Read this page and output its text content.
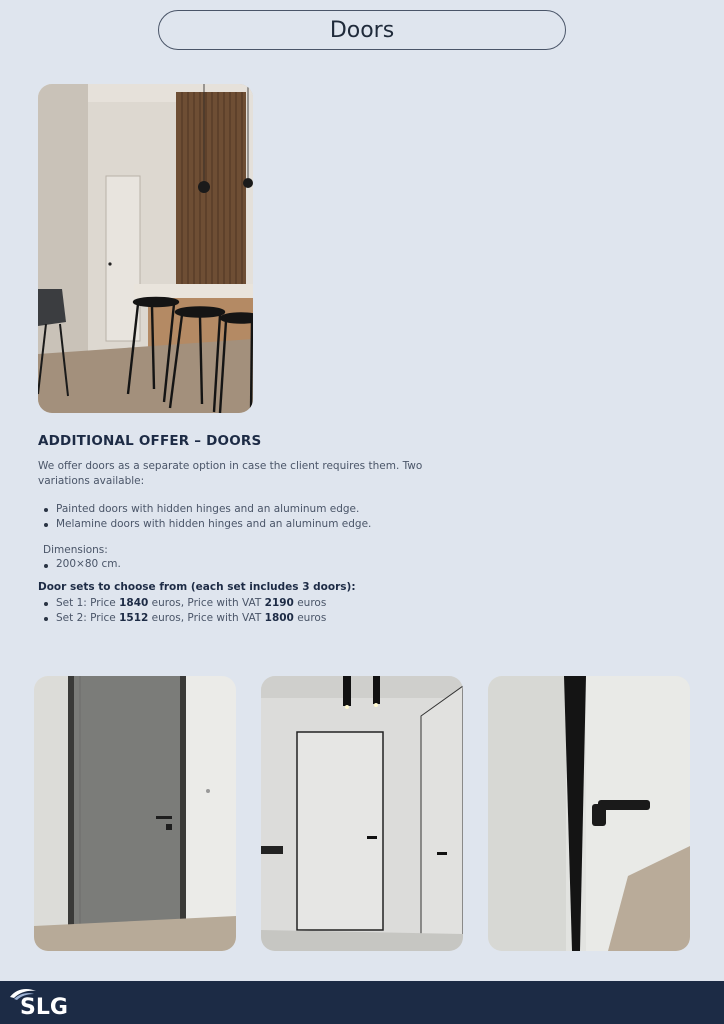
Doors
ADDITIONAL OFFER – DOORS
We offer doors as a separate option in case the client requires them. Two variations available:
Painted doors with hidden hinges and an aluminum edge.
Melamine doors with hidden hinges and an aluminum edge.
Dimensions:
200×80 cm.
Door sets to choose from (each set includes 3 doors):
Set 1: Price 1840 euros, Price with VAT 2190 euros
Set 2: Price 1512 euros, Price with VAT 1800 euros
SLG
